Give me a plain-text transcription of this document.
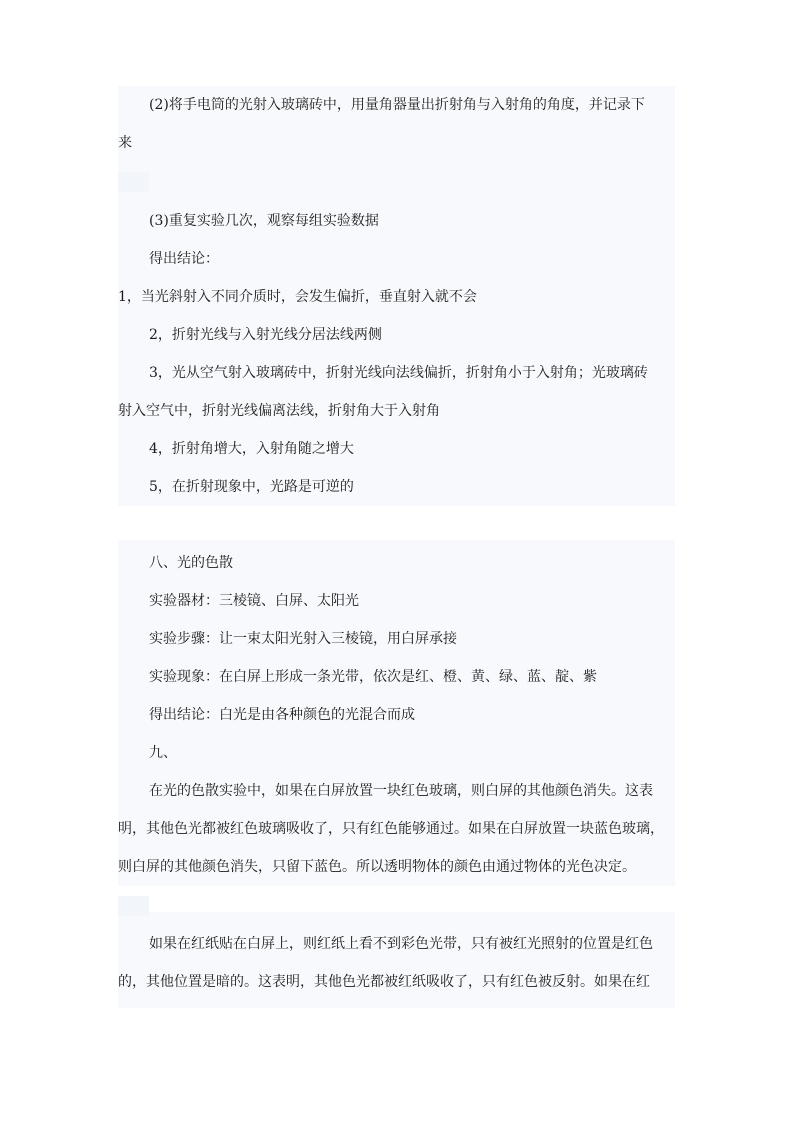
(2)将手电筒的光射入玻璃砖中，用量角器量出折射角与入射角的角度，并记录下
来
(3)重复实验几次，观察每组实验数据
得出结论：
1，当光斜射入不同介质时，会发生偏折，垂直射入就不会
2，折射光线与入射光线分居法线两侧
3，光从空气射入玻璃砖中，折射光线向法线偏折，折射角小于入射角；光玻璃砖
射入空气中，折射光线偏离法线，折射角大于入射角
4，折射角增大，入射角随之增大
5，在折射现象中，光路是可逆的
八、光的色散
实验器材：三棱镜、白屏、太阳光
实验步骤：让一束太阳光射入三棱镜，用白屏承接
实验现象：在白屏上形成一条光带，依次是红、橙、黄、绿、蓝、靛、紫
得出结论：白光是由各种颜色的光混合而成
九、
在光的色散实验中，如果在白屏放置一块红色玻璃，则白屏的其他颜色消失。这表
明，其他色光都被红色玻璃吸收了，只有红色能够通过。如果在白屏放置一块蓝色玻璃，
则白屏的其他颜色消失，只留下蓝色。所以透明物体的颜色由通过物体的光色决定。
如果在红纸贴在白屏上，则红纸上看不到彩色光带，只有被红光照射的位置是红色
的，其他位置是暗的。这表明，其他色光都被红纸吸收了，只有红色被反射。如果在红
